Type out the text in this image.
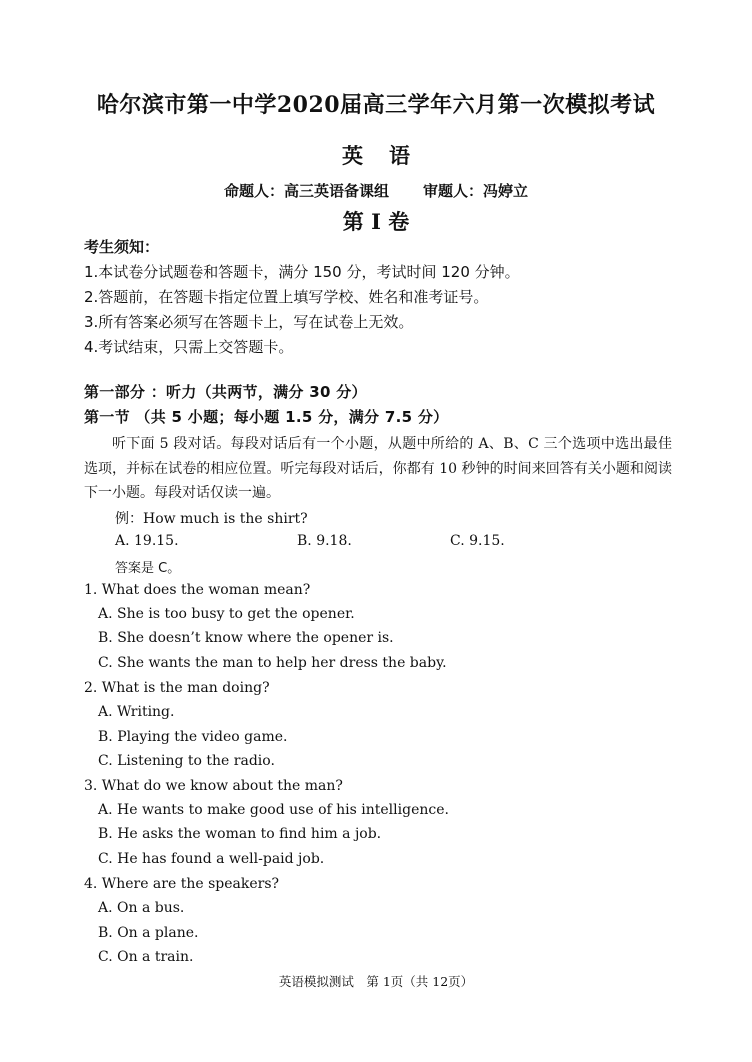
哈尔滨市第一中学2020届高三学年六月第一次模拟考试
英语
命题人：高三英语备课组 审题人：冯婷立
第 I 卷
考生须知：
1.本试卷分试题卷和答题卡，满分 150 分，考试时间 120 分钟。
2.答题前，在答题卡指定位置上填写学校、姓名和准考证号。
3.所有答案必须写在答题卡上，写在试卷上无效。
4.考试结束，只需上交答题卡。
第一部分 ：听力（共两节，满分 30 分）
第一节 （共 5 小题；每小题 1.5 分，满分 7.5 分）
听下面 5 段对话。每段对话后有一个小题，从题中所给的 A、B、C 三个选项中选出最佳选项，并标在试卷的相应位置。听完每段对话后，你都有 10 秒钟的时间来回答有关小题和阅读下一小题。每段对话仅读一遍。
例：How much is the shirt?
A. 19.15.	B. 9.18.	C. 9.15.
答案是 C。
1. What does the woman mean?
A. She is too busy to get the opener.
B. She doesn’t know where the opener is.
C. She wants the man to help her dress the baby.
2. What is the man doing?
A. Writing.
B. Playing the video game.
C. Listening to the radio.
3. What do we know about the man?
A. He wants to make good use of his intelligence.
B. He asks the woman to find him a job.
C. He has found a well-paid job.
4. Where are the speakers?
A. On a bus.
B. On a plane.
C. On a train.
英语模拟测试　第 1页（共 12页）
